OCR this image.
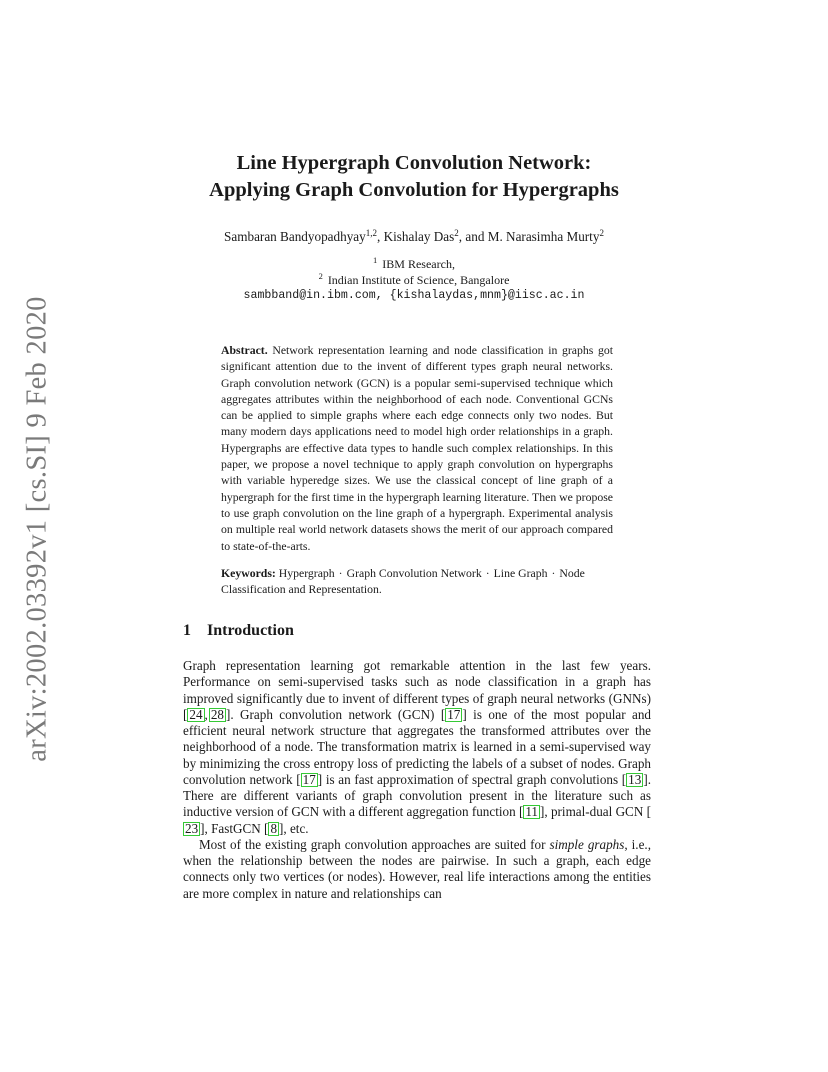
arXiv:2002.03392v1 [cs.SI] 9 Feb 2020
Line Hypergraph Convolution Network:
Applying Graph Convolution for Hypergraphs
Sambaran Bandyopadhyay$^{1,2}$, Kishalay Das$^2$, and M. Narasimha Murty$^2$
$^1$ IBM Research,
$^2$ Indian Institute of Science, Bangalore
sambband@in.ibm.com, {kishalaydas,mnm}@iisc.ac.in
Abstract. Network representation learning and node classification in graphs got significant attention due to the invent of different types graph neural networks. Graph convolution network (GCN) is a popular semi-supervised technique which aggregates attributes within the neighborhood of each node. Conventional GCNs can be applied to simple graphs where each edge connects only two nodes. But many modern days applications need to model high order relationships in a graph. Hypergraphs are effective data types to handle such complex relationships. In this paper, we propose a novel technique to apply graph convolution on hypergraphs with variable hyperedge sizes. We use the classical concept of line graph of a hypergraph for the first time in the hypergraph learning literature. Then we propose to use graph convolution on the line graph of a hypergraph. Experimental analysis on multiple real world network datasets shows the merit of our approach compared to state-of-the-arts.
Keywords: Hypergraph · Graph Convolution Network · Line Graph · Node Classification and Representation.
1 Introduction

Graph representation learning got remarkable attention in the last few years. Performance on semi-supervised tasks such as node classification in a graph has improved significantly due to invent of different types of graph neural networks (GNNs) [ 24 , 28 ]. Graph convolution network (GCN) [ 17 ] is one of the most popular and efficient neural network structure that aggregates the transformed attributes over the neighborhood of a node. The transformation matrix is learned in a semi-supervised way by minimizing the cross entropy loss of predicting the labels of a subset of nodes. Graph convolution network [ 17 ] is an fast approximation of spectral graph convolutions [ 13 ]. There are different variants of graph convolution present in the literature such as inductive version of GCN with a different aggregation function [ 11 ], primal-dual GCN [23 ], FastGCN [ 8 ], etc.

Most of the existing graph convolution approaches are suited for simple graphs, i.e., when the relationship between the nodes are pairwise. In such a graph, each edge connects only two vertices (or nodes). However, real life interactions among the entities are more complex in nature and relationships can
